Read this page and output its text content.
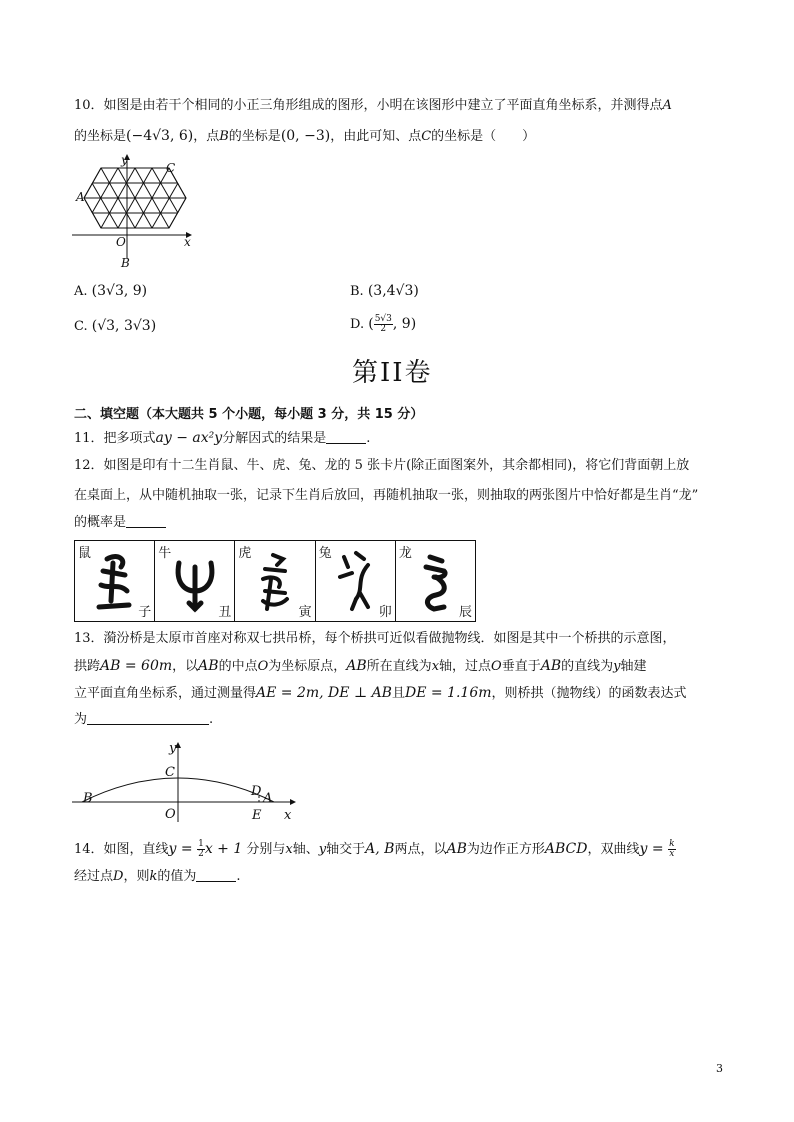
10．如图是由若干个相同的小正三角形组成的图形，小明在该图形中建立了平面直角坐标系，并测得点A
的坐标是(−4√3, 6)，点B的坐标是(0, −3)，由此可知、点C的坐标是（　　）
y
C
A
O	x
B
A. (3√3, 9)	B. (3,4√3)
C. (√3, 3√3)	D. ( $\frac{5√3}{2}$ , 9)
第II卷
二、填空题（本大题共 5 个小题，每小题 3 分，共 15 分）
11．把多项式ay − ax²y分解因式的结果是	.
12．如图是印有十二生肖鼠、牛、虎、兔、龙的 5 张卡片(除正面图案外，其余都相同)，将它们背面朝上放
在桌面上，从中随机抽取一张，记录下生肖后放回，再随机抽取一张，则抽取的两张图片中恰好都是生肖“龙”
的概率是
鼠
子
牛
丑
虎
寅
兔
卯
龙
辰
13．漪汾桥是太原市首座对称双七拱吊桥，每个桥拱可近似看做抛物线．如图是其中一个桥拱的示意图，
拱跨AB = 60m，以AB的中点O为坐标原点，AB所在直线为x轴，过点O垂直于AB的直线为y轴建
立平面直角坐标系，通过测量得AE = 2m, DE ⊥ AB且DE = 1.16m，则桥拱（抛物线）的函数表达式
为	.
y
C
B	D A
O	E x
14．如图，直线$y = \frac{1}{2}$ x + 1 分别与x轴、y轴交于A, B两点，以AB为边作正方形ABCD，双曲线$y = \frac{k}{x}$
经过点D，则k的值为	.
3
